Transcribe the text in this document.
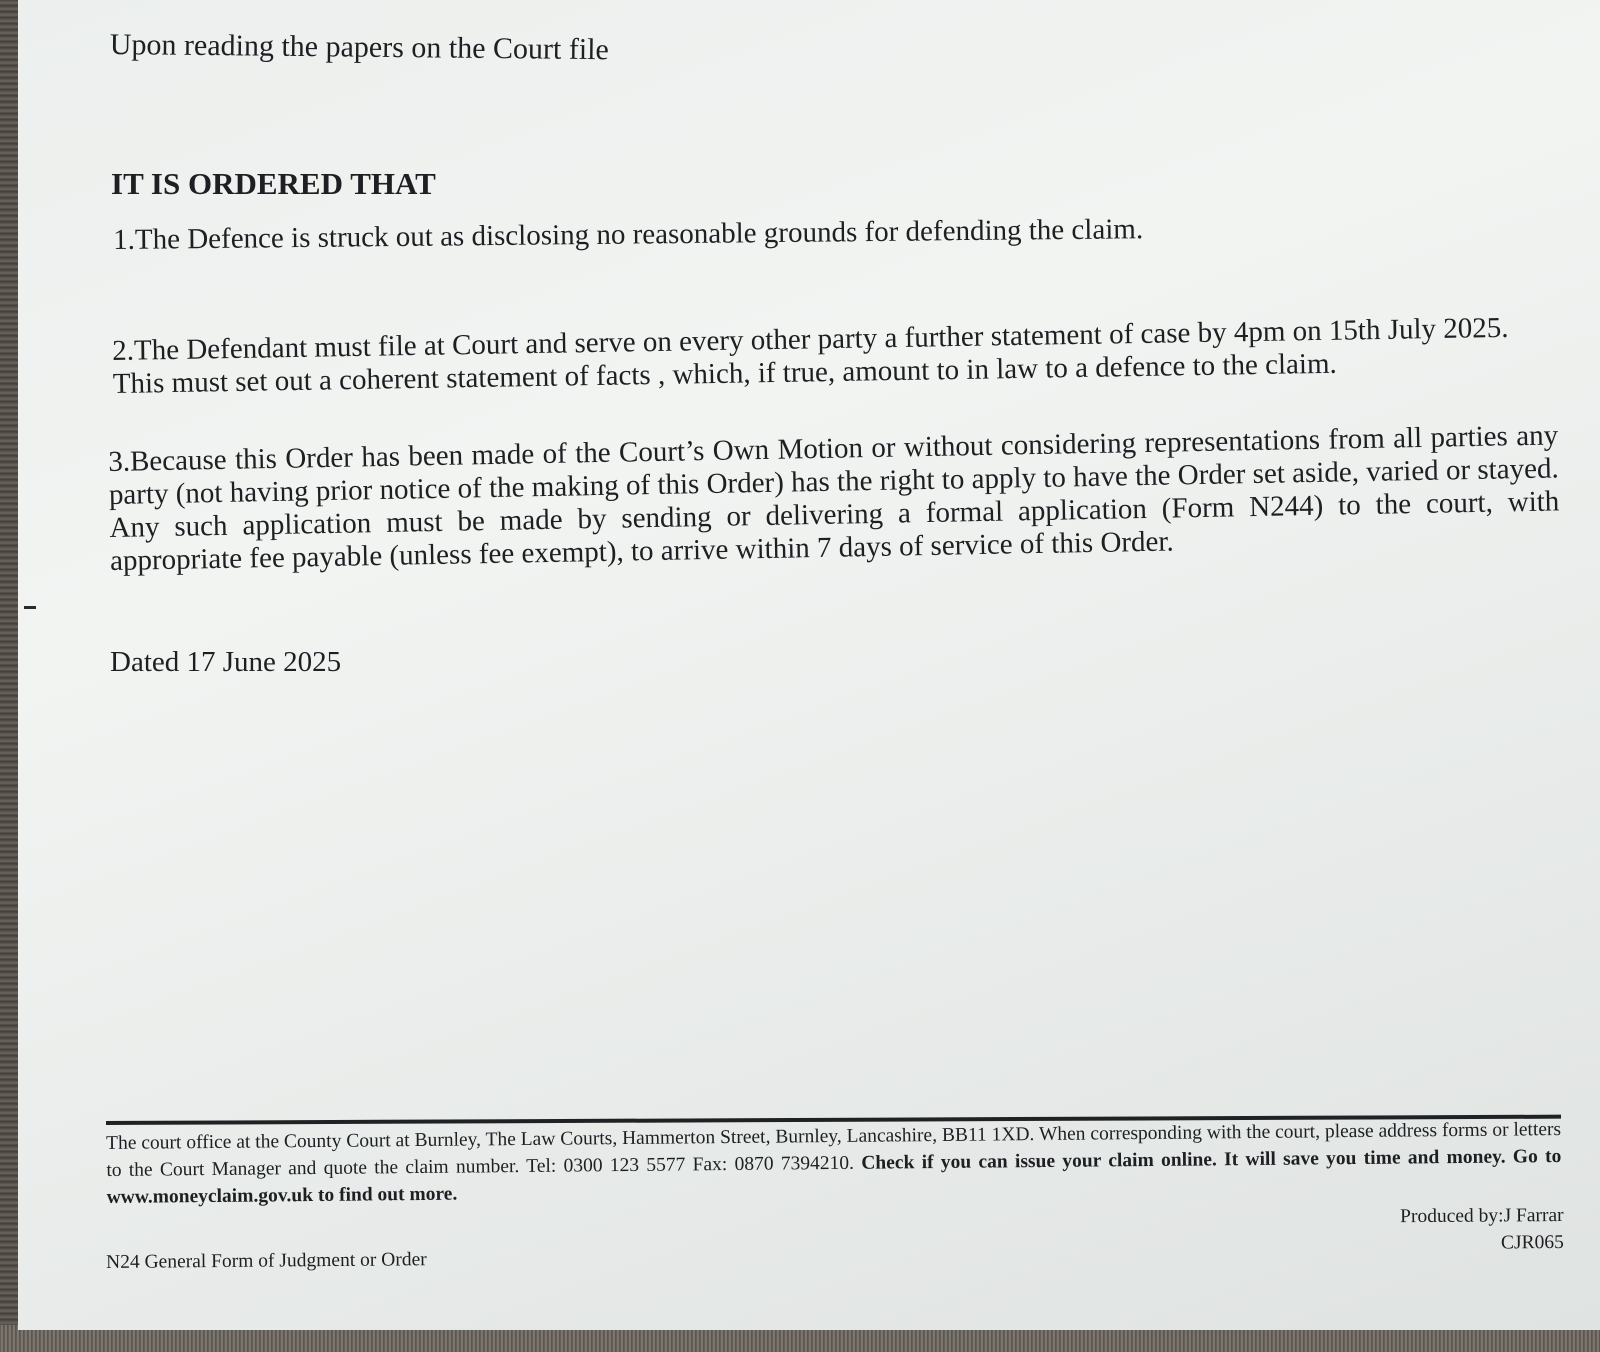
Upon reading the papers on the Court file

IT IS ORDERED THAT

1.The Defence is struck out as disclosing no reasonable grounds for defending the claim.

2.The Defendant must file at Court and serve on every other party a further statement of case by 4pm on 15th July 2025. This must set out a coherent statement of facts , which, if true, amount to in law to a defence to the claim.

3.Because this Order has been made of the Court’s Own Motion or without considering representations from all parties any party (not having prior notice of the making of this Order) has the right to apply to have the Order set aside, varied or stayed. Any such application must be made by sending or delivering a formal application (Form N244) to the court, with appropriate fee payable (unless fee exempt), to arrive within 7 days of service of this Order.

Dated 17 June 2025

The court office at the County Court at Burnley, The Law Courts, Hammerton Street, Burnley, Lancashire, BB11 1XD. When corresponding with the court, please address forms or letters to the Court Manager and quote the claim number. Tel: 0300 123 5577 Fax: 0870 7394210. Check if you can issue your claim online. It will save you time and money. Go to www.moneyclaim.gov.uk to find out more.

Produced by:J Farrar
CJR065

N24 General Form of Judgment or Order
